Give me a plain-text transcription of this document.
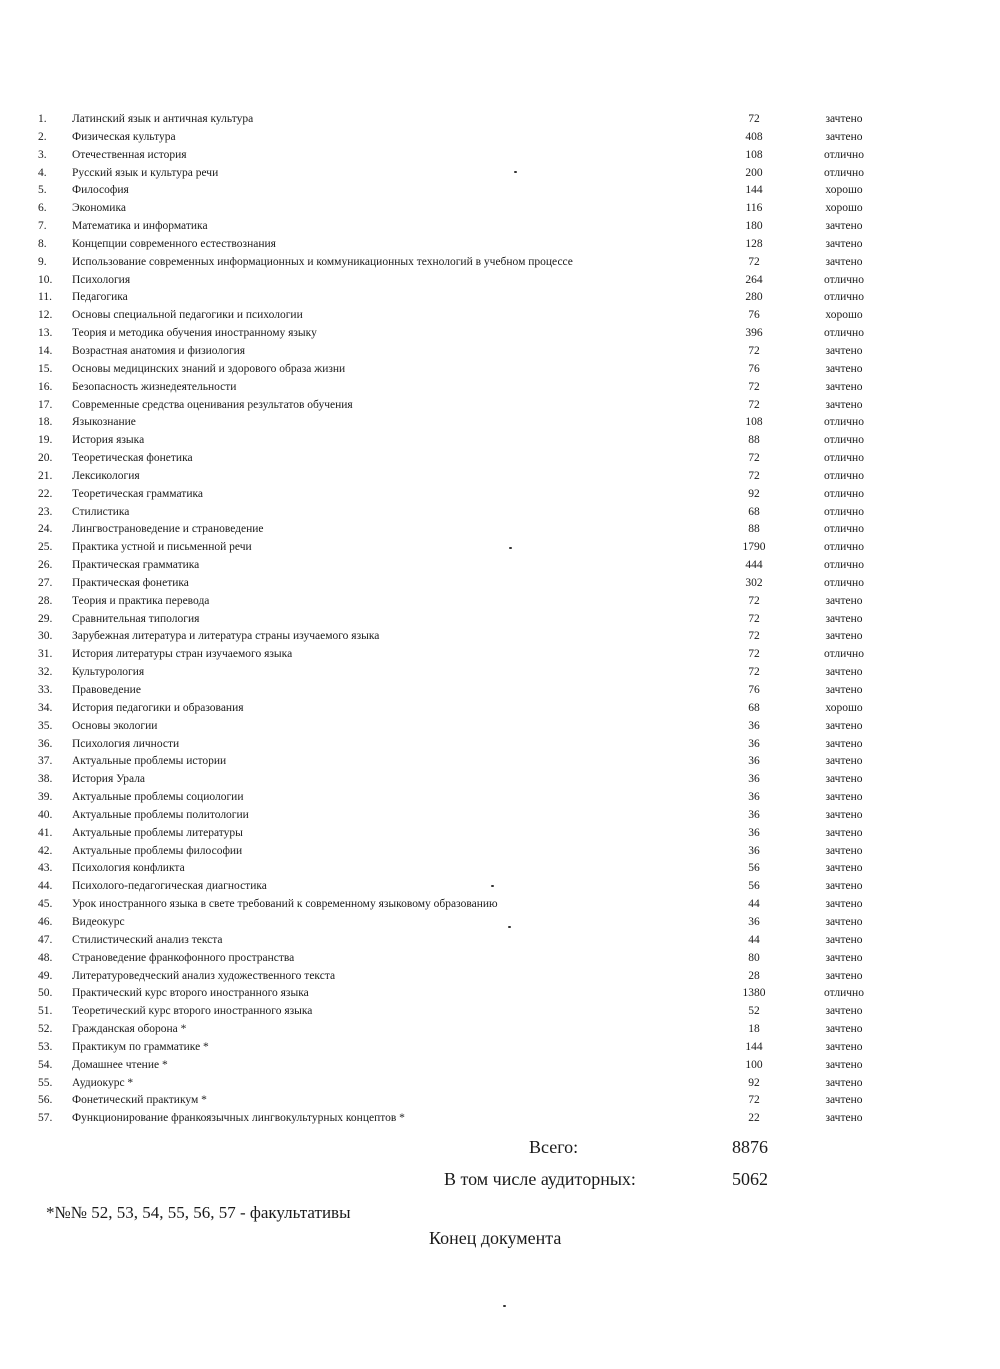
1. Латинский язык и античная культура	72	зачтено
2. Физическая культура	408	зачтено
3. Отечественная история	108	отлично
4. Русский язык и культура речи	200	отлично
5. Философия	144	хорошо
6. Экономика	116	хорошо
7. Математика и информатика	180	зачтено
8. Концепции современного естествознания	128	зачтено
9. Использование современных информационных и коммуникационных технологий в учебном процессе	72	зачтено
10. Психология	264	отлично
11. Педагогика	280	отлично
12. Основы специальной педагогики и психологии	76	хорошо
13. Теория и методика обучения иностранному языку	396	отлично
14. Возрастная анатомия и физиология	72	зачтено
15. Основы медицинских знаний и здорового образа жизни	76	зачтено
16. Безопасность жизнедеятельности	72	зачтено
17. Современные средства оценивания результатов обучения	72	зачтено
18. Языкознание	108	отлично
19. История языка	88	отлично
20. Теоретическая фонетика	72	отлично
21. Лексикология	72	отлично
22. Теоретическая грамматика	92	отлично
23. Стилистика	68	отлично
24. Лингвострановедение и страноведение	88	отлично
25. Практика устной и письменной речи	1790	отлично
26. Практическая грамматика	444	отлично
27. Практическая фонетика	302	отлично
28. Теория и практика перевода	72	зачтено
29. Сравнительная типология	72	зачтено
30. Зарубежная литература и литература страны изучаемого языка	72	зачтено
31. История литературы стран изучаемого языка	72	отлично
32. Культурология	72	зачтено
33. Правоведение	76	зачтено
34. История педагогики и образования	68	хорошо
35. Основы экологии	36	зачтено
36. Психология личности	36	зачтено
37. Актуальные проблемы истории	36	зачтено
38. История Урала	36	зачтено
39. Актуальные проблемы социологии	36	зачтено
40. Актуальные проблемы политологии	36	зачтено
41. Актуальные проблемы литературы	36	зачтено
42. Актуальные проблемы философии	36	зачтено
43. Психология конфликта	56	зачтено
44. Психолого-педагогическая диагностика	56	зачтено
45. Урок иностранного языка в свете требований к современному языковому образованию	44	зачтено
46. Видеокурс	36	зачтено
47. Стилистический анализ текста	44	зачтено
48. Страноведение франкофонного пространства	80	зачтено
49. Литературоведческий анализ художественного текста	28	зачтено
50. Практический курс второго иностранного языка	1380	отлично
51. Теоретический курс второго иностранного языка	52	зачтено
52. Гражданская оборона *	18	зачтено
53. Практикум по грамматике *	144	зачтено
54. Домашнее чтение *	100	зачтено
55. Аудиокурс *	92	зачтено
56. Фонетический практикум *	72	зачтено
57. Функционирование франкоязычных лингвокультурных концептов *	22	зачтено
Всего:	8876
В том числе аудиторных:	5062
*№№ 52, 53, 54, 55, 56, 57 - факультативы
Конец документа
